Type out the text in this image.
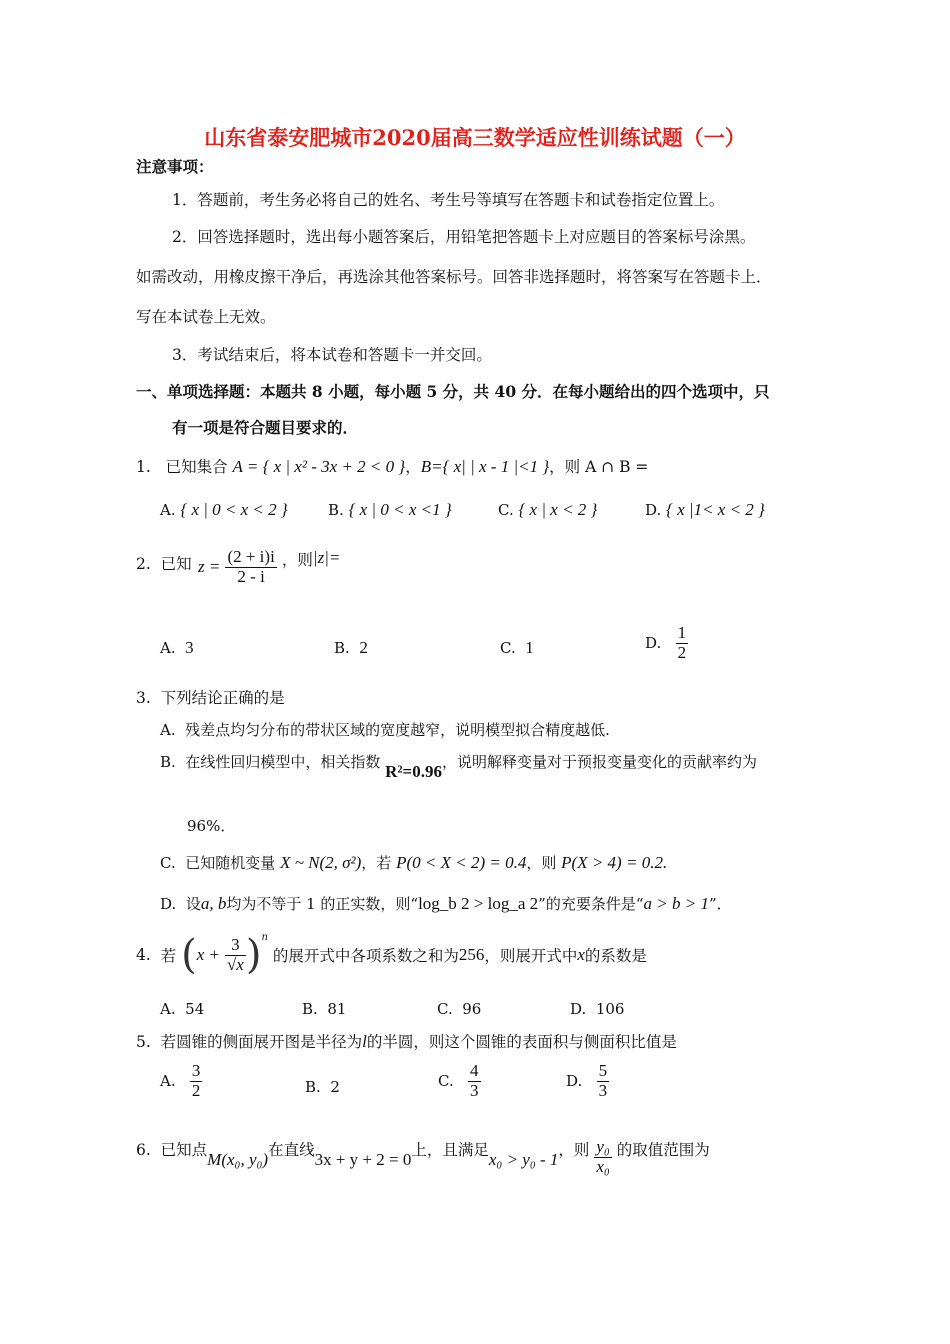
山东省泰安肥城市2020届高三数学适应性训练试题（一）
注意事项：
1．答题前，考生务必将自己的姓名、考生号等填写在答题卡和试卷指定位置上。
2．回答选择题时，选出每小题答案后，用铅笔把答题卡上对应题目的答案标号涂黑。
如需改动，用橡皮擦干净后，再选涂其他答案标号。回答非选择题时，将答案写在答题卡上．
写在本试卷上无效。
3．考试结束后，将本试卷和答题卡一并交回。
一、单项选择题：本题共 8 小题，每小题 5 分，共 40 分．在每小题给出的四个选项中，只
有一项是符合题目要求的．
1. 已知集合 A = { x | x² - 3x + 2 < 0 }，B={ x| | x - 1 |<1 }，则 A ∩ B =
A. { x | 0 < x < 2 }	B. { x | 0 < x <1 }	C. { x | x < 2 }	D. { x |1< x < 2 }
2. 已知 $z = \frac{(2 + i)i}{2 - i}$ ，则|z|=
A. 3	B. 2	C. 1	D. $\frac{1}{2}$
3. 下列结论正确的是
A. 残差点均匀分布的带状区域的宽度越窄，说明模型拟合精度越低.
B. 在线性回归模型中，相关指数 R²=0.96，说明解释变量对于预报变量变化的贡献率约为
96%．
C. 已知随机变量 X ~ N(2, σ²)，若 P(0 < X < 2) = 0.4，则 P(X > 4) = 0.2.
D. 设a, b均为不等于 1 的正实数，则“log_b 2 > log_a 2”的充要条件是“a > b > 1”．
4. 若 $(x + \frac{3}{√x} )^n$ 的展开式中各项系数之和为256，则展开式中x的系数是
A. 54	B. 81	C. 96	D. 106
5. 若圆锥的侧面展开图是半径为l的半圆，则这个圆锥的表面积与侧面积比值是
A. $\frac{3}{2}$	B. 2	C. $\frac{4}{3}$	D. $\frac{5}{3}$
6. 已知点M(x₀, y₀)在直线3x + y + 2 = 0上，且满足x₀ > y₀ - 1，则 $\frac{\text{y₀}}{\text{x₀}}$ 的取值范围为
